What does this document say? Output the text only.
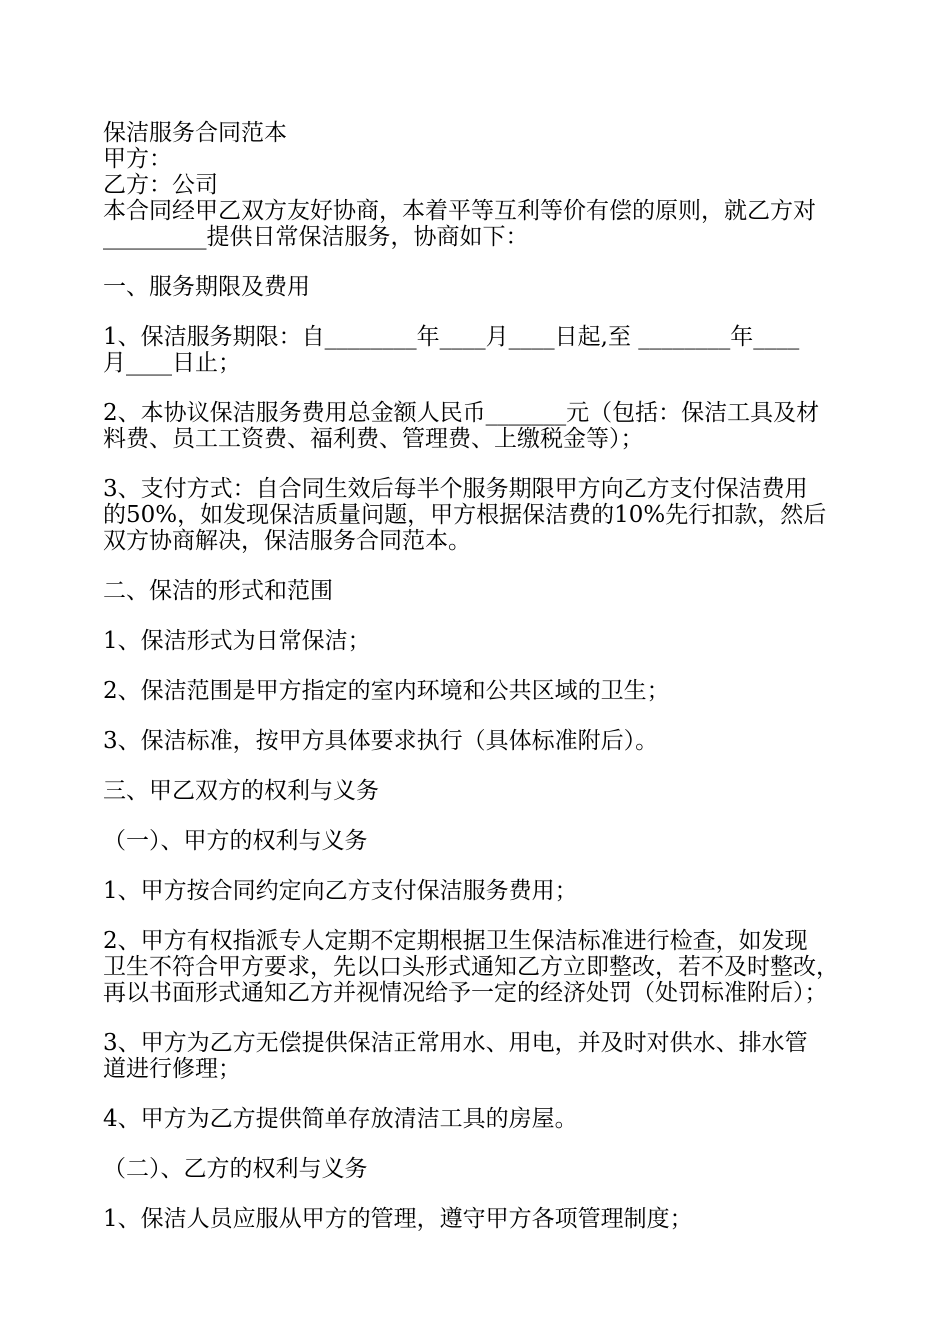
保洁服务合同范本
甲方：
乙方：公司
本合同经甲乙双方友好协商，本着平等互利等价有偿的原则，就乙方对
_________提供日常保洁服务，协商如下：
一、服务期限及费用
1、保洁服务期限：自________年____月____日起,至 ________年____
月____日止；
2、本协议保洁服务费用总金额人民币_______元（包括：保洁工具及材
料费、员工工资费、福利费、管理费、上缴税金等）；
3、支付方式：自合同生效后每半个服务期限甲方向乙方支付保洁费用
的50%，如发现保洁质量问题，甲方根据保洁费的10%先行扣款，然后
双方协商解决，保洁服务合同范本。
二、保洁的形式和范围
1、保洁形式为日常保洁；
2、保洁范围是甲方指定的室内环境和公共区域的卫生；
3、保洁标准，按甲方具体要求执行（具体标准附后）。
三、甲乙双方的权利与义务
（一）、甲方的权利与义务
1、甲方按合同约定向乙方支付保洁服务费用；
2、甲方有权指派专人定期不定期根据卫生保洁标准进行检查，如发现
卫生不符合甲方要求，先以口头形式通知乙方立即整改，若不及时整改，
再以书面形式通知乙方并视情况给予一定的经济处罚（处罚标准附后）；
3、甲方为乙方无偿提供保洁正常用水、用电，并及时对供水、排水管
道进行修理；
4、甲方为乙方提供简单存放清洁工具的房屋。
（二）、乙方的权利与义务
1、保洁人员应服从甲方的管理，遵守甲方各项管理制度；
